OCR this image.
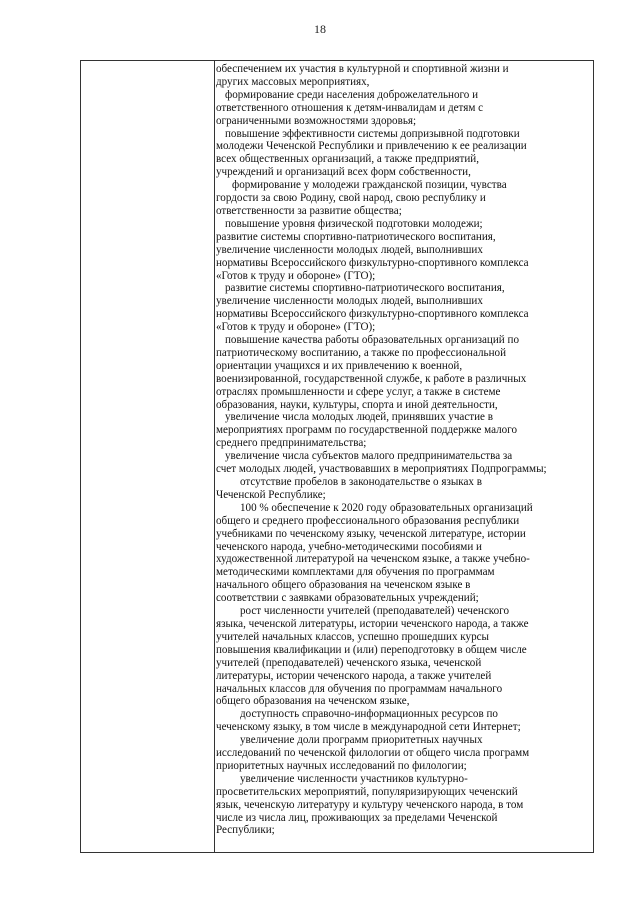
18
обеспечением их участия в культурной и спортивной жизни и
других массовых мероприятиях,
формирование среди населения доброжелательного и
ответственного отношения к детям-инвалидам и детям с
ограниченными возможностями здоровья;
повышение эффективности системы допризывной подготовки
молодежи Чеченской Республики и привлечению к ее реализации
всех общественных организаций, а также предприятий,
учреждений и организаций всех форм собственности,
формирование у молодежи гражданской позиции, чувства
гордости за свою Родину, свой народ, свою республику и
ответственности за развитие общества;
повышение уровня физической подготовки молодежи;
развитие системы спортивно-патриотического воспитания,
увеличение численности молодых людей, выполнивших
нормативы Всероссийского физкультурно-спортивного комплекса
«Готов к труду и обороне» (ГТО);
развитие системы спортивно-патриотического воспитания,
увеличение численности молодых людей, выполнивших
нормативы Всероссийского физкультурно-спортивного комплекса
«Готов к труду и обороне» (ГТО);
повышение качества работы образовательных организаций по
патриотическому воспитанию, а также по профессиональной
ориентации учащихся и их привлечению к военной,
военизированной, государственной службе, к работе в различных
отраслях промышленности и сфере услуг, а также в системе
образования, науки, культуры, спорта и иной деятельности,
увеличение числа молодых людей, принявших участие в
мероприятиях программ по государственной поддержке малого
среднего предпринимательства;
увеличение числа субъектов малого предпринимательства за
счет молодых людей, участвовавших в мероприятиях Подпрограммы;
отсутствие пробелов в законодательстве о языках в
Чеченской Республике;
100 % обеспечение к 2020 году образовательных организаций
общего и среднего профессионального образования республики
учебниками по чеченскому языку, чеченской литературе, истории
чеченского народа, учебно-методическими пособиями и
художественной литературой на чеченском языке, а также учебно-
методическими комплектами для обучения по программам
начального общего образования на чеченском языке в
соответствии с заявками образовательных учреждений;
рост численности учителей (преподавателей) чеченского
языка, чеченской литературы, истории чеченского народа, а также
учителей начальных классов, успешно прошедших курсы
повышения квалификации и (или) переподготовку в общем числе
учителей (преподавателей) чеченского языка, чеченской
литературы, истории чеченского народа, а также учителей
начальных классов для обучения по программам начального
общего образования на чеченском языке,
доступность справочно-информационных ресурсов по
чеченскому языку, в том числе в международной сети Интернет;
увеличение доли программ приоритетных научных
исследований по чеченской филологии от общего числа программ
приоритетных научных исследований по филологии;
увеличение численности участников культурно-
просветительских мероприятий, популяризирующих чеченский
язык, чеченскую литературу и культуру чеченского народа, в том
числе из числа лиц, проживающих за пределами Чеченской
Республики;
